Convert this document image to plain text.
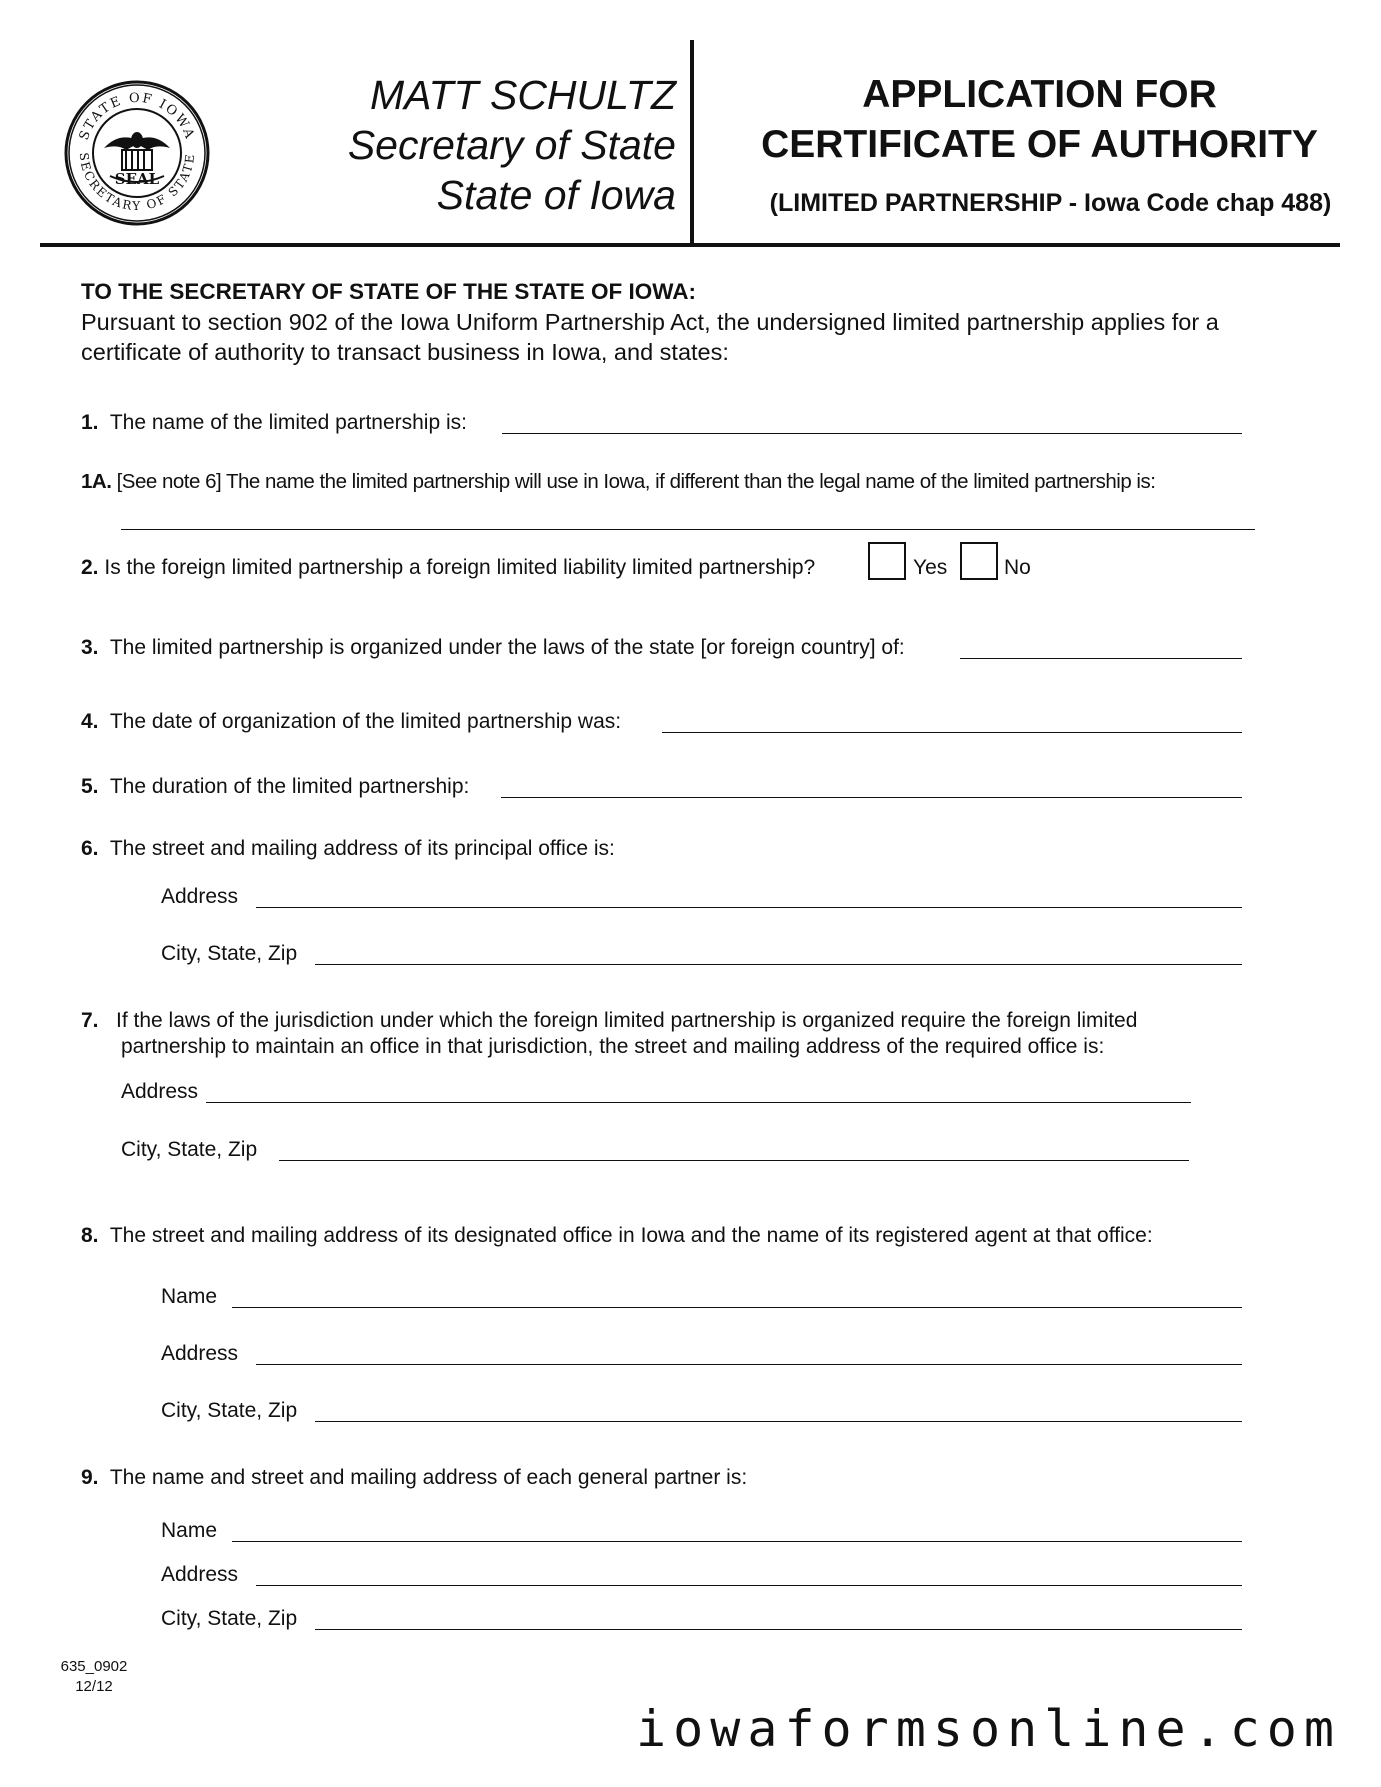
STATE OF IOWA
SECRETARY OF STATE
SEAL
MATT SCHULTZ
Secretary of State
State of Iowa
APPLICATION FOR
CERTIFICATE OF AUTHORITY
(LIMITED PARTNERSHIP - Iowa Code chap 488)
TO THE SECRETARY OF STATE OF THE STATE OF IOWA:
Pursuant to section 902 of the Iowa Uniform Partnership Act, the undersigned limited partnership applies for a certificate of authority to transact business in Iowa, and states:
1. The name of the limited partnership is:
1A. [See note 6] The name the limited partnership will use in Iowa, if different than the legal name of the limited partnership is:
2. Is the foreign limited partnership a foreign limited liability limited partnership?	Yes	No
3. The limited partnership is organized under the laws of the state [or foreign country] of:
4. The date of organization of the limited partnership was:
5. The duration of the limited partnership:
6. The street and mailing address of its principal office is:
Address
City, State, Zip
7. If the laws of the jurisdiction under which the foreign limited partnership is organized require the foreign limited
partnership to maintain an office in that jurisdiction, the street and mailing address of the required office is:
Address
City, State, Zip
8. The street and mailing address of its designated office in Iowa and the name of its registered agent at that office:
Name
Address
City, State, Zip
9. The name and street and mailing address of each general partner is:
Name
Address
City, State, Zip
635_0902
12/12
iowaformsonline.com
